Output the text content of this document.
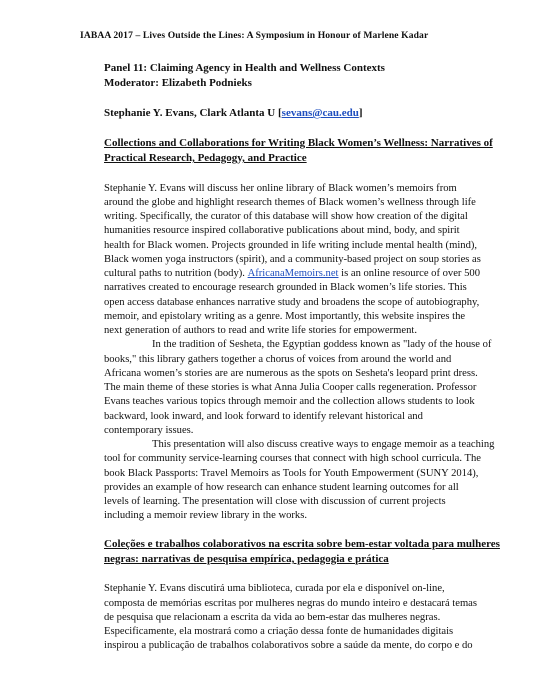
IABAA 2017 – Lives Outside the Lines: A Symposium in Honour of Marlene Kadar
Panel 11: Claiming Agency in Health and Wellness Contexts
Moderator: Elizabeth Podnieks
Stephanie Y. Evans, Clark Atlanta U [sevans@cau.edu]
Collections and Collaborations for Writing Black Women’s Wellness: Narratives of
Practical Research, Pedagogy, and Practice
Stephanie Y. Evans will discuss her online library of Black women’s memoirs from
around the globe and highlight research themes of Black women’s wellness through life
writing. Specifically, the curator of this database will show how creation of the digital
humanities resource inspired collaborative publications about mind, body, and spirit
health for Black women. Projects grounded in life writing include mental health (mind),
Black women yoga instructors (spirit), and a community-based project on soup stories as
cultural paths to nutrition (body). AfricanaMemoirs.net is an online resource of over 500
narratives created to encourage research grounded in Black women’s life stories. This
open access database enhances narrative study and broadens the scope of autobiography,
memoir, and epistolary writing as a genre. Most importantly, this website inspires the
next generation of authors to read and write life stories for empowerment.
In the tradition of Sesheta, the Egyptian goddess known as "lady of the house of
books," this library gathers together a chorus of voices from around the world and
Africana women’s stories are are numerous as the spots on Sesheta's leopard print dress.
The main theme of these stories is what Anna Julia Cooper calls regeneration. Professor
Evans teaches various topics through memoir and the collection allows students to look
backward, look inward, and look forward to identify relevant historical and
contemporary issues.
This presentation will also discuss creative ways to engage memoir as a teaching
tool for community service-learning courses that connect with high school curricula. The
book Black Passports: Travel Memoirs as Tools for Youth Empowerment (SUNY 2014),
provides an example of how research can enhance student learning outcomes for all
levels of learning. The presentation will close with discussion of current projects
including a memoir review library in the works.
Coleções e trabalhos colaborativos na escrita sobre bem-estar voltada para mulheres
negras: narrativas de pesquisa empírica, pedagogia e prática
Stephanie Y. Evans discutirá uma biblioteca, curada por ela e disponível on-line,
composta de memórias escritas por mulheres negras do mundo inteiro e destacará temas
de pesquisa que relacionam a escrita da vida ao bem-estar das mulheres negras.
Especificamente, ela mostrará como a criação dessa fonte de humanidades digitais
inspirou a publicação de trabalhos colaborativos sobre a saúde da mente, do corpo e do
